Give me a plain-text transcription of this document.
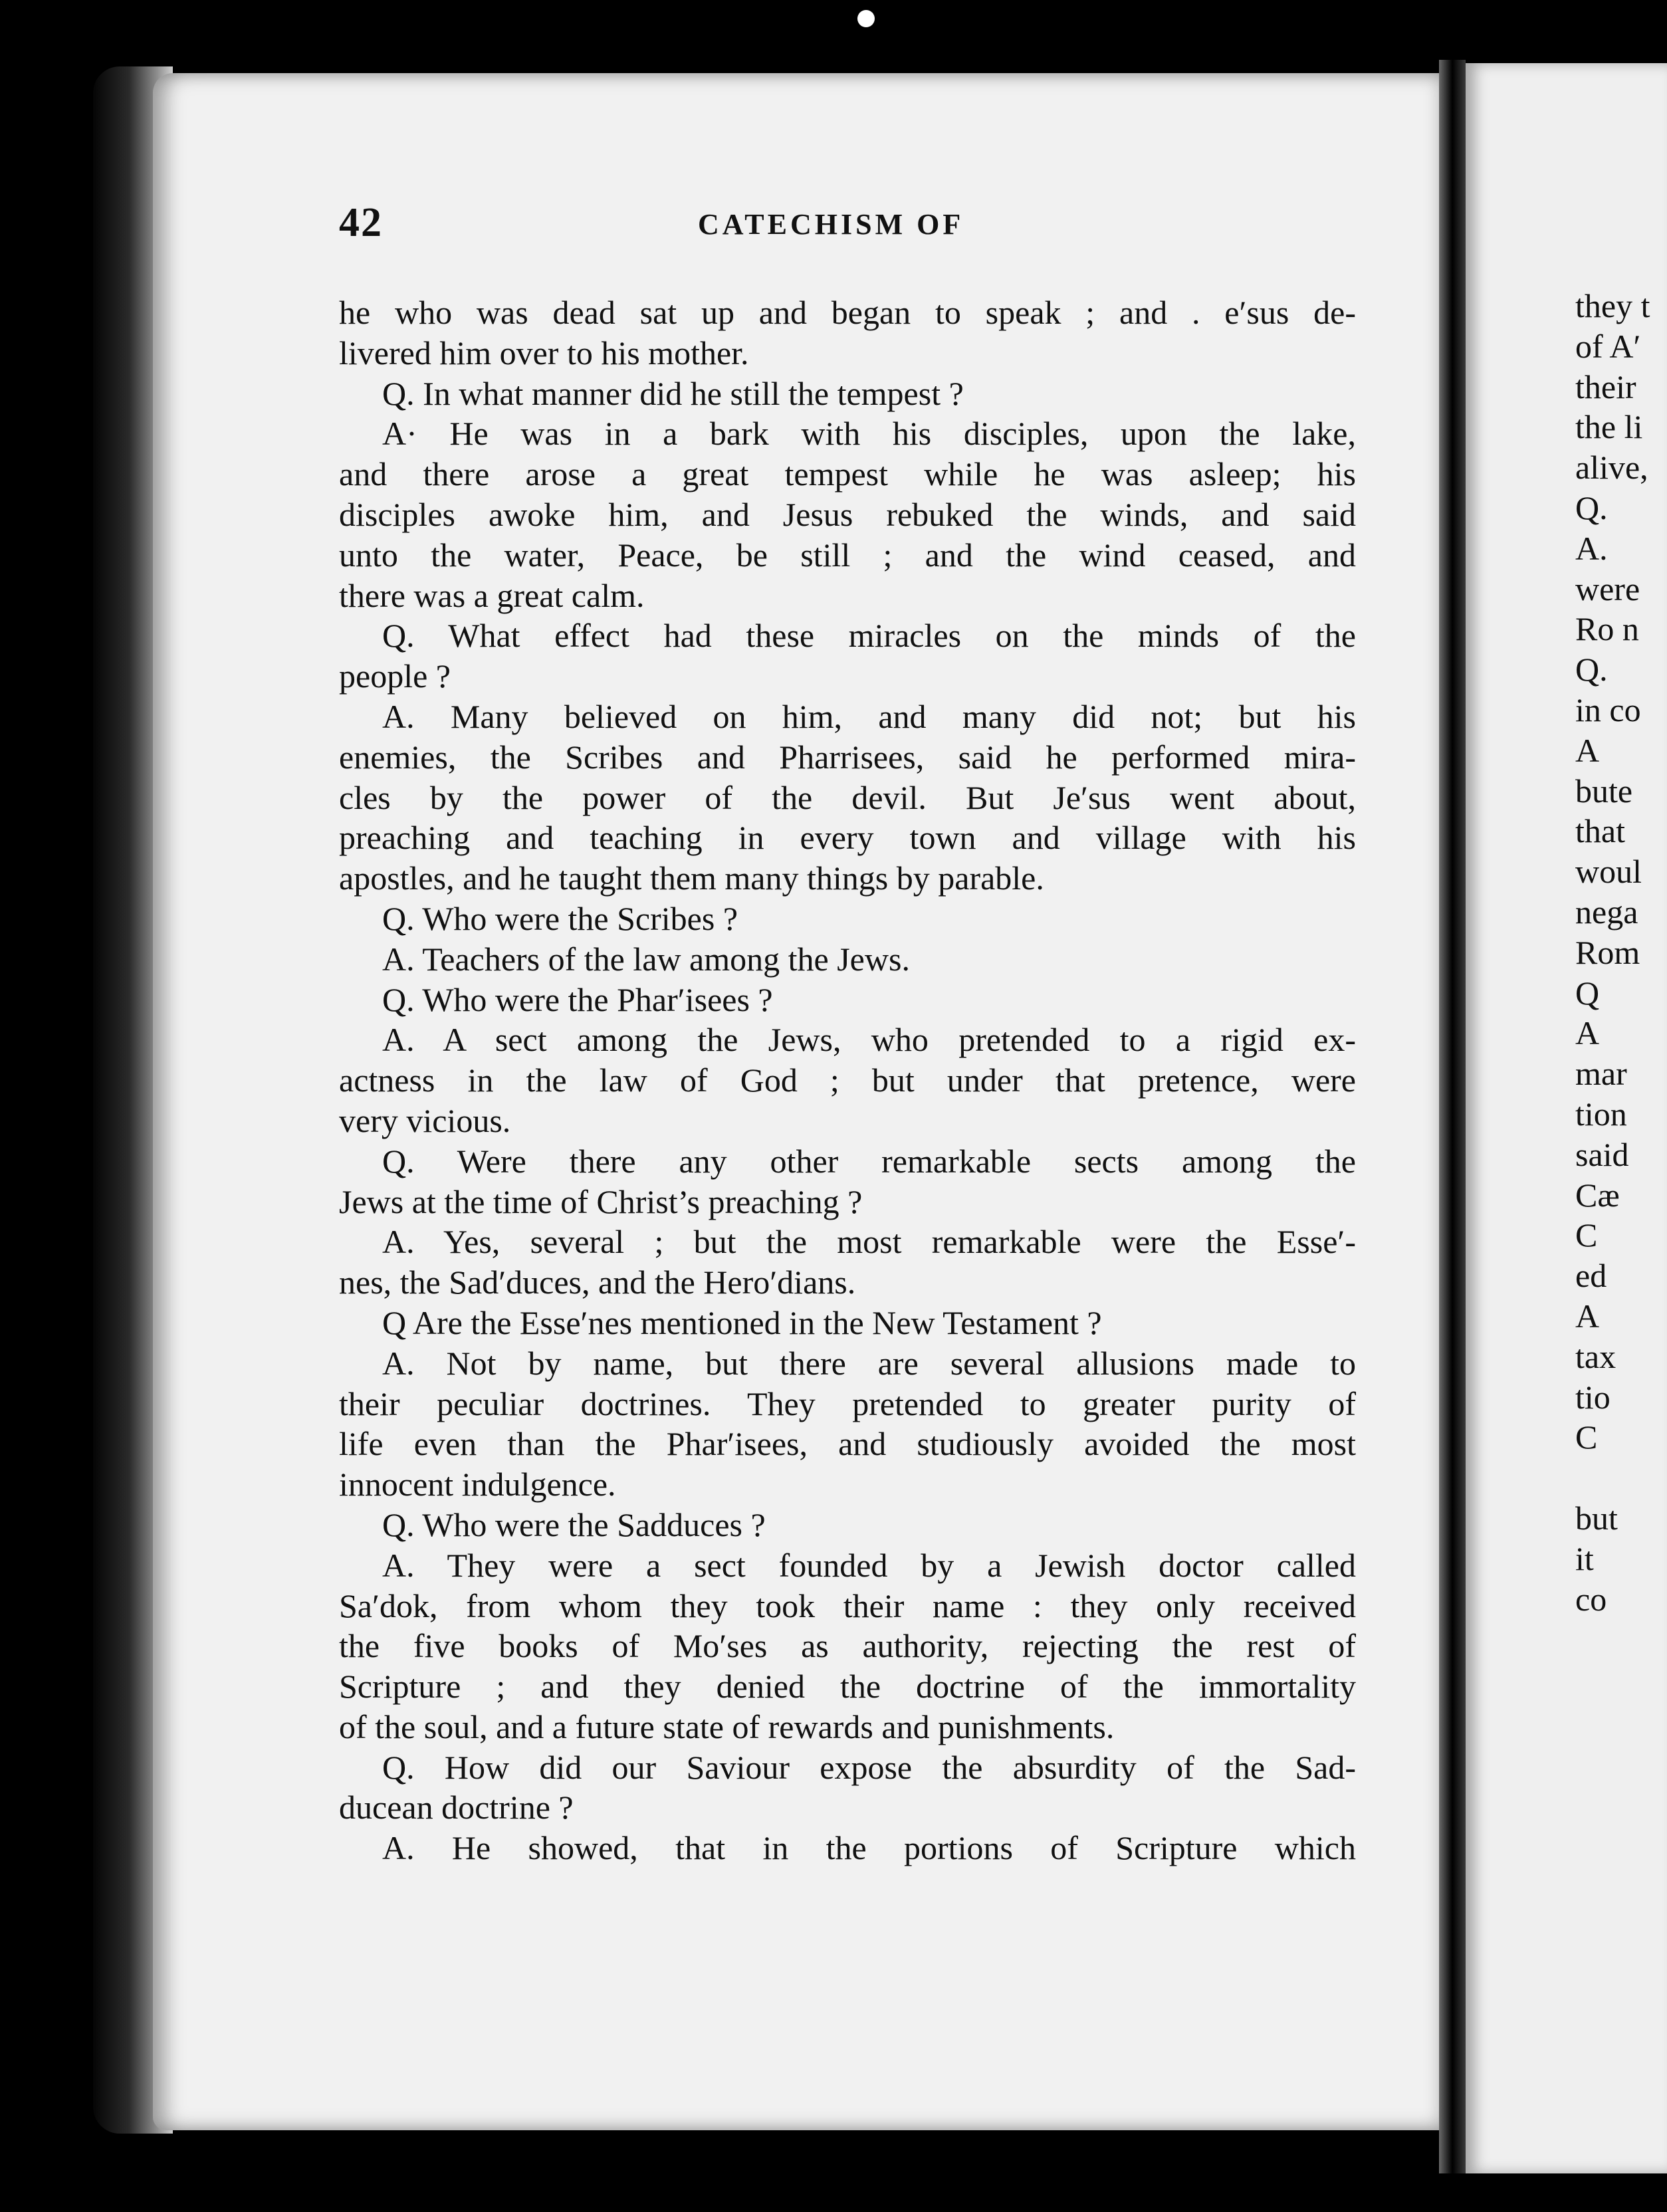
42	CATECHISM OF
he who was dead sat up and began to speak ; and . e′sus de-
livered him over to his mother.
Q. In what manner did he still the tempest ?
A· He was in a bark with his disciples, upon the lake,
and there arose a great tempest while he was asleep; his
disciples awoke him, and Jesus rebuked the winds, and said
unto the water, Peace, be still ; and the wind ceased, and
there was a great calm.
Q. What effect had these miracles on the minds of the
people ?
A. Many believed on him, and many did not; but his
enemies, the Scribes and Pharrisees, said he performed mira-
cles by the power of the devil. But Je′sus went about,
preaching and teaching in every town and village with his
apostles, and he taught them many things by parable.
Q. Who were the Scribes ?
A. Teachers of the law among the Jews.
Q. Who were the Phar′isees ?
A. A sect among the Jews, who pretended to a rigid ex-
actness in the law of God ; but under that pretence, were
very vicious.
Q. Were there any other remarkable sects among the
Jews at the time of Christ’s preaching ?
A. Yes, several ; but the most remarkable were the Esse′-
nes, the Sad′duces, and the Hero′dians.
Q Are the Esse′nes mentioned in the New Testament ?
A. Not by name, but there are several allusions made to
their peculiar doctrines. They pretended to greater purity of
life even than the Phar′isees, and studiously avoided the most
innocent indulgence.
Q. Who were the Sadduces ?
A. They were a sect founded by a Jewish doctor called
Sa′dok, from whom they took their name : they only received
the five books of Mo′ses as authority, rejecting the rest of
Scripture ; and they denied the doctrine of the immortality
of the soul, and a future state of rewards and punishments.
Q. How did our Saviour expose the absurdity of the Sad-
ducean doctrine ?
A. He showed, that in the portions of Scripture which
they t
of A′
their
the li
alive,
Q.
A.
were
Ro n
Q.
in co
A
bute
that
woul
nega
Rom
Q
A
mar
tion
said
Cæ
C
ed
A
tax
tio
C
but
it
co
